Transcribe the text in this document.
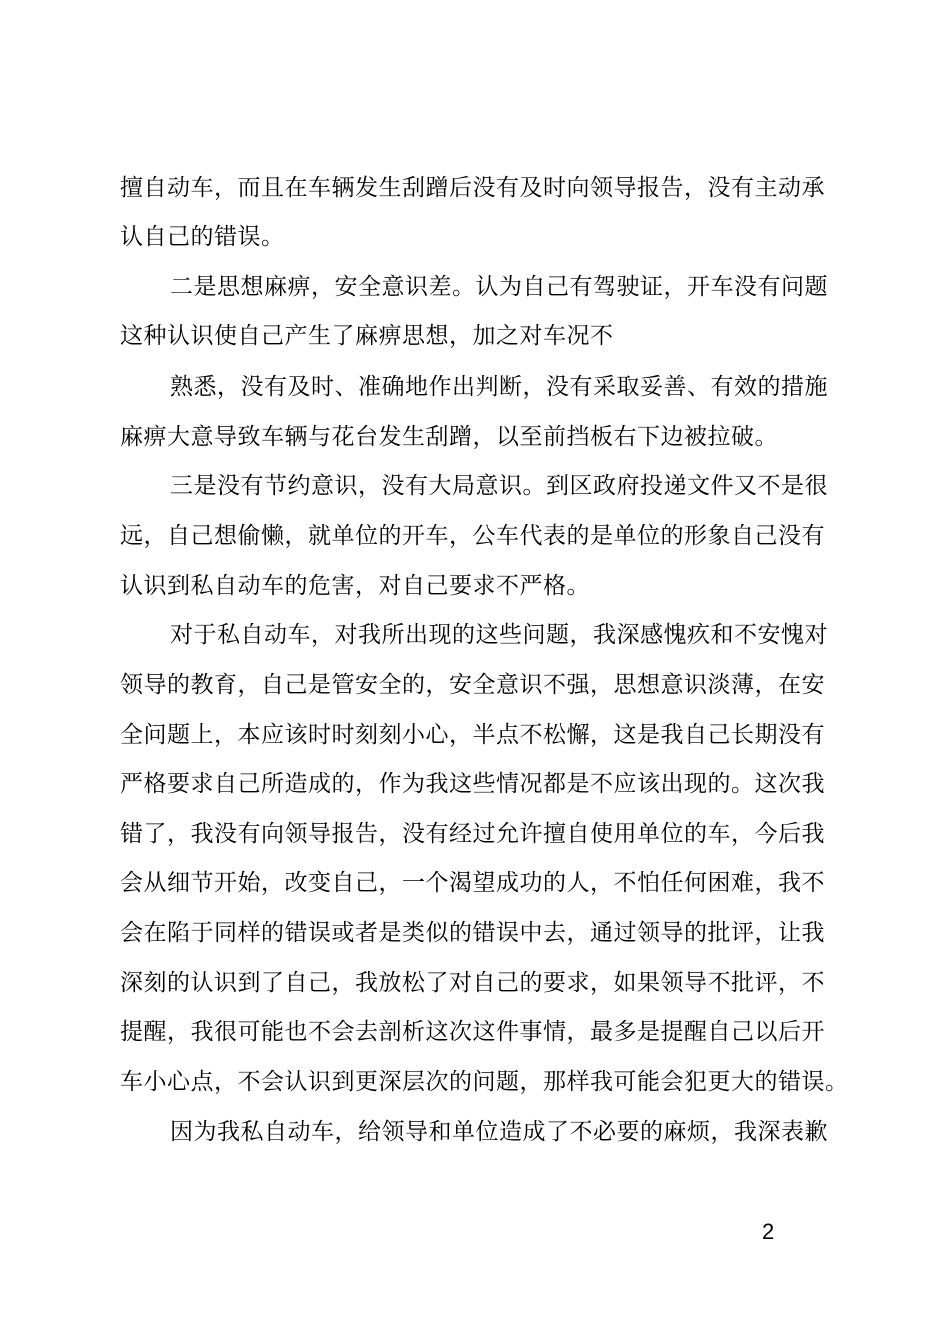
擅自动车，而且在车辆发生刮蹭后没有及时向领导报告，没有主动承
认自己的错误。
二是思想麻痹，安全意识差。认为自己有驾驶证，开车没有问题
这种认识使自己产生了麻痹思想，加之对车况不
熟悉，没有及时、准确地作出判断，没有采取妥善、有效的措施
麻痹大意导致车辆与花台发生刮蹭，以至前挡板右下边被拉破。
三是没有节约意识，没有大局意识。到区政府投递文件又不是很
远，自己想偷懒，就单位的开车，公车代表的是单位的形象自己没有
认识到私自动车的危害，对自己要求不严格。
对于私自动车，对我所出现的这些问题，我深感愧疚和不安愧对
领导的教育，自己是管安全的，安全意识不强，思想意识淡薄，在安
全问题上，本应该时时刻刻小心，半点不松懈，这是我自己长期没有
严格要求自己所造成的，作为我这些情况都是不应该出现的。这次我
错了，我没有向领导报告，没有经过允许擅自使用单位的车，今后我
会从细节开始，改变自己，一个渴望成功的人，不怕任何困难，我不
会在陷于同样的错误或者是类似的错误中去，通过领导的批评，让我
深刻的认识到了自己，我放松了对自己的要求，如果领导不批评，不
提醒，我很可能也不会去剖析这次这件事情，最多是提醒自己以后开
车小心点，不会认识到更深层次的问题，那样我可能会犯更大的错误。
因为我私自动车，给领导和单位造成了不必要的麻烦，我深表歉
2
